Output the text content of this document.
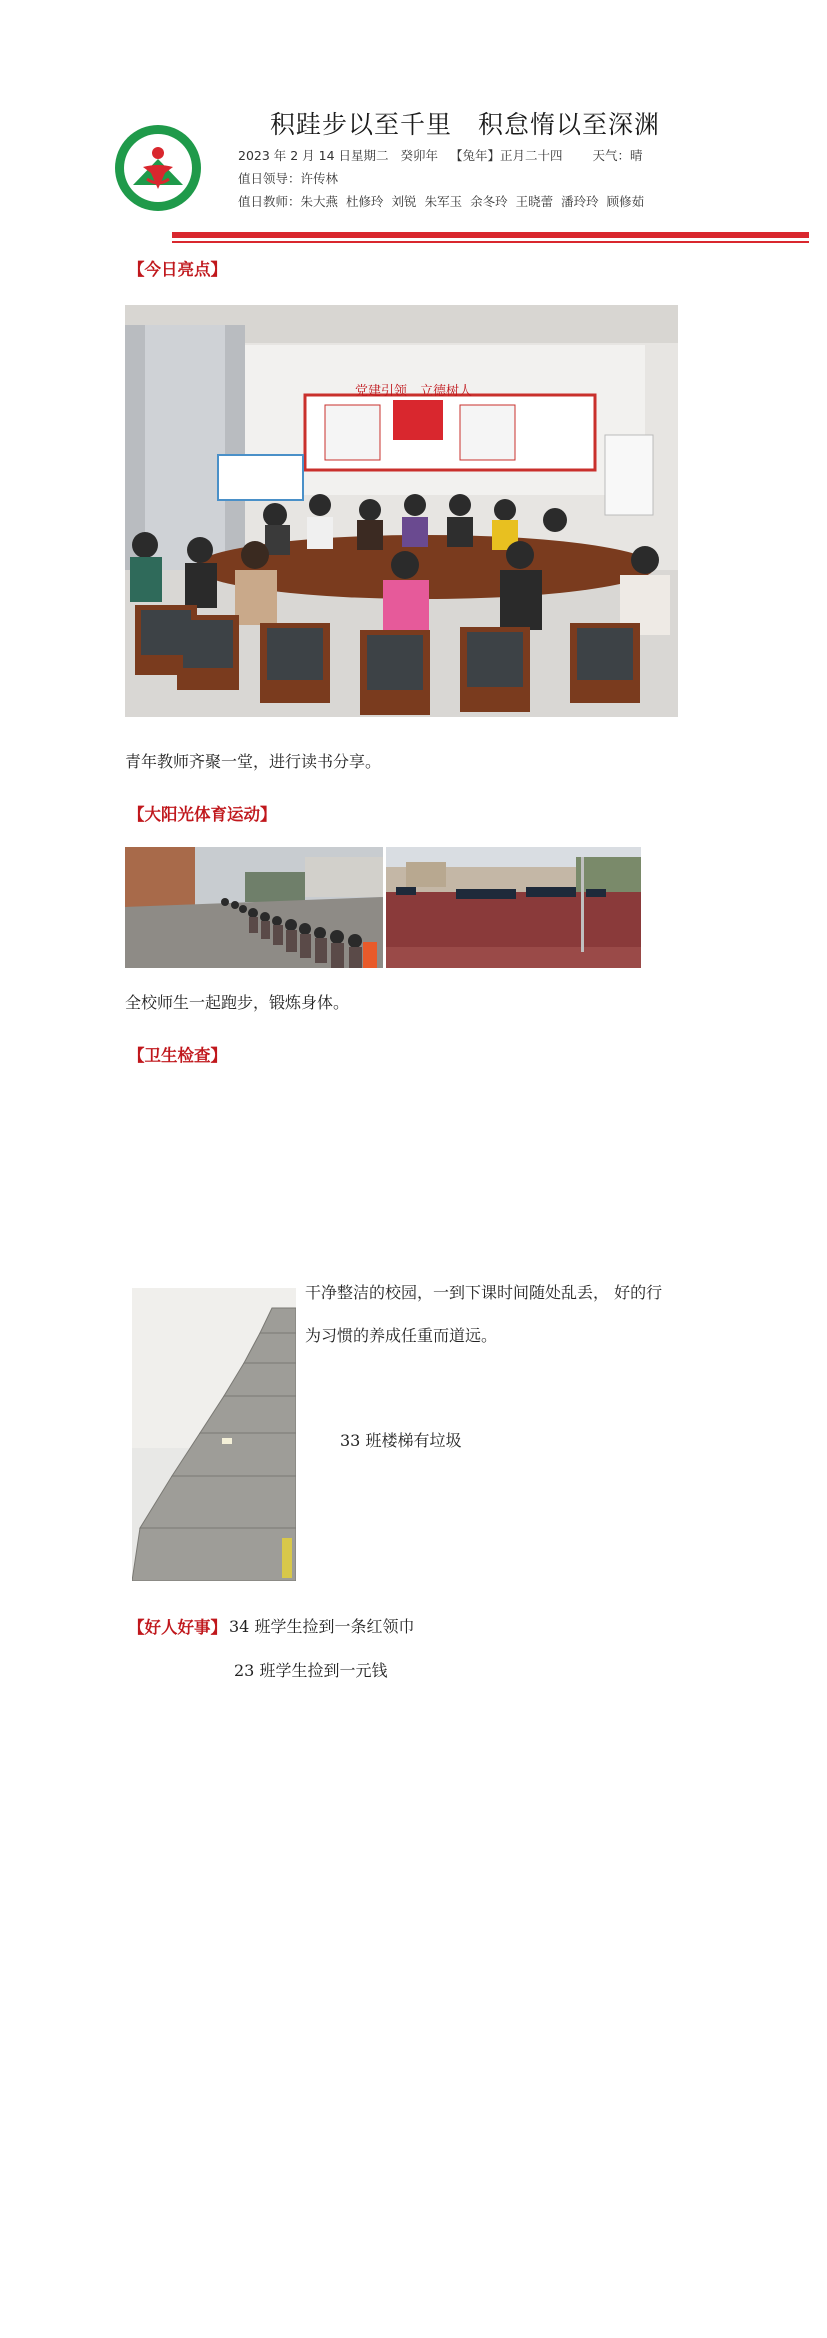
积跬步以至千里　积怠惰以至深渊
2023 年 2 月 14 日星期二 癸卯年 【兔年】正月二十四 天气：晴
值日领导：许传林
值日教师：朱大燕 杜修玲 刘锐 朱军玉 余冬玲 王晓蕾 潘玲玲 顾修茹
【今日亮点】
党建引领　立德树人
青年教师齐聚一堂，进行读书分享。
【大阳光体育运动】
全校师生一起跑步，锻炼身体。
【卫生检查】
干净整洁的校园，一到下课时间随处乱丢， 好的行
为习惯的养成任重而道远。
33 班楼梯有垃圾
【好人好事】 34 班学生捡到一条红领巾
23 班学生捡到一元钱
